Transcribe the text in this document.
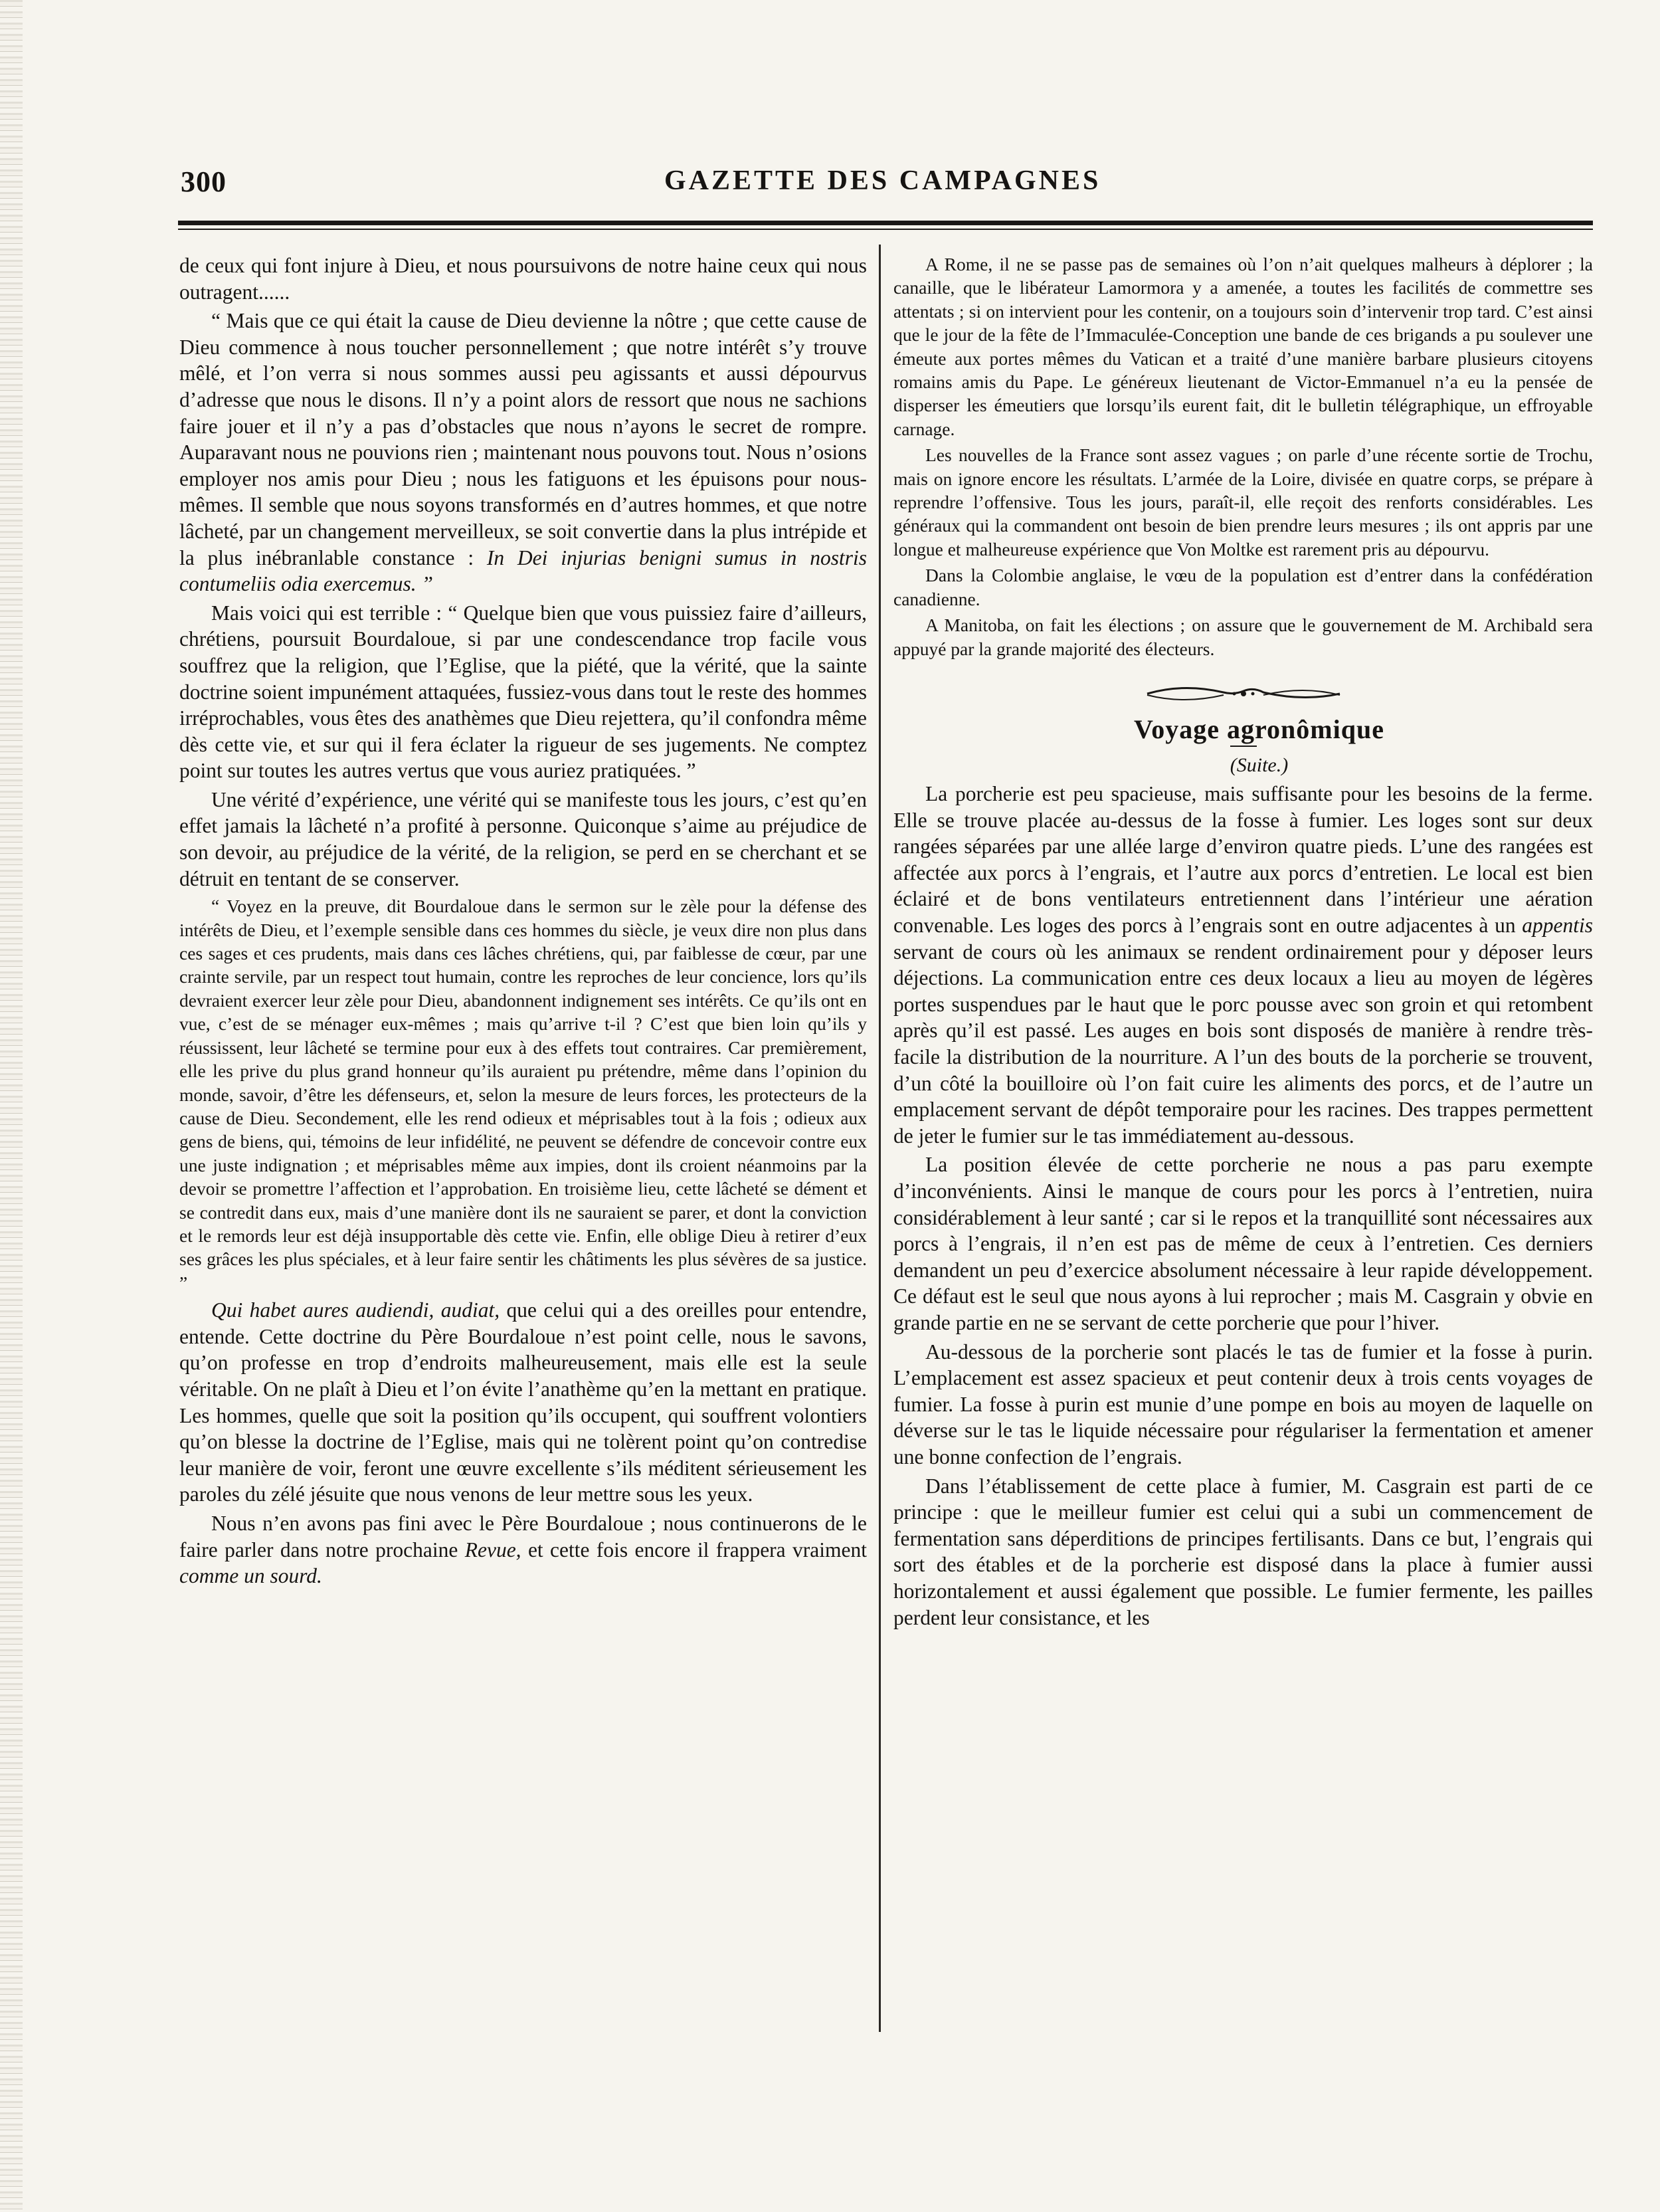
300	GAZETTE DES CAMPAGNES

de ceux qui font injure à Dieu, et nous poursuivons de notre haine ceux qui nous outragent......

“ Mais que ce qui était la cause de Dieu devienne la nôtre ; que cette cause de Dieu commence à nous toucher personnellement ; que notre intérêt s’y trouve mêlé, et l’on verra si nous sommes aussi peu agissants et aussi dépourvus d’adresse que nous le disons. Il n’y a point alors de ressort que nous ne sachions faire jouer et il n’y a pas d’obstacles que nous n’ayons le secret de rompre. Auparavant nous ne pouvions rien ; maintenant nous pouvons tout. Nous n’osions employer nos amis pour Dieu ; nous les fatiguons et les épuisons pour nous-mêmes. Il semble que nous soyons transformés en d’autres hommes, et que notre lâcheté, par un changement merveilleux, se soit convertie dans la plus intrépide et la plus inébranlable constance : In Dei injurias benigni sumus in nostris contumeliis odia exercemus. ”

Mais voici qui est terrible : “ Quelque bien que vous puissiez faire d’ailleurs, chrétiens, poursuit Bourdaloue, si par une condescendance trop facile vous souffrez que la religion, que l’Eglise, que la piété, que la vérité, que la sainte doctrine soient impunément attaquées, fussiez-vous dans tout le reste des hommes irréprochables, vous êtes des anathèmes que Dieu rejettera, qu’il confondra même dès cette vie, et sur qui il fera éclater la rigueur de ses jugements. Ne comptez point sur toutes les autres vertus que vous auriez pratiquées. ”

Une vérité d’expérience, une vérité qui se manifeste tous les jours, c’est qu’en effet jamais la lâcheté n’a profité à personne. Quiconque s’aime au préjudice de son devoir, au préjudice de la vérité, de la religion, se perd en se cherchant et se détruit en tentant de se conserver.

“ Voyez en la preuve, dit Bourdaloue dans le sermon sur le zèle pour la défense des intérêts de Dieu, et l’exemple sensible dans ces hommes du siècle, je veux dire non plus dans ces sages et ces prudents, mais dans ces lâches chrétiens, qui, par faiblesse de cœur, par une crainte servile, par un respect tout humain, contre les reproches de leur concience, lors qu’ils devraient exercer leur zèle pour Dieu, abandonnent indignement ses intérêts. Ce qu’ils ont en vue, c’est de se ménager eux-mêmes ; mais qu’arrive t-il ? C’est que bien loin qu’ils y réussissent, leur lâcheté se termine pour eux à des effets tout contraires. Car premièrement, elle les prive du plus grand honneur qu’ils auraient pu prétendre, même dans l’opinion du monde, savoir, d’être les défenseurs, et, selon la mesure de leurs forces, les protecteurs de la cause de Dieu. Secondement, elle les rend odieux et méprisables tout à la fois ; odieux aux gens de biens, qui, témoins de leur infidélité, ne peuvent se défendre de concevoir contre eux une juste indignation ; et méprisables même aux impies, dont ils croient néanmoins par la devoir se promettre l’affection et l’approbation. En troisième lieu, cette lâcheté se dément et se contredit dans eux, mais d’une manière dont ils ne sauraient se parer, et dont la conviction et le remords leur est déjà insupportable dès cette vie. Enfin, elle oblige Dieu à retirer d’eux ses grâces les plus spéciales, et à leur faire sentir les châtiments les plus sévères de sa justice. ”

Qui habet aures audiendi, audiat, que celui qui a des oreilles pour entendre, entende. Cette doctrine du Père Bourdaloue n’est point celle, nous le savons, qu’on professe en trop d’endroits malheureusement, mais elle est la seule véritable. On ne plaît à Dieu et l’on évite l’anathème qu’en la mettant en pratique. Les hommes, quelle que soit la position qu’ils occupent, qui souffrent volontiers qu’on blesse la doctrine de l’Eglise, mais qui ne tolèrent point qu’on contredise leur manière de voir, feront une œuvre excellente s’ils méditent sérieusement les paroles du zélé jésuite que nous venons de leur mettre sous les yeux.

Nous n’en avons pas fini avec le Père Bourdaloue ; nous continuerons de le faire parler dans notre prochaine Revue, et cette fois encore il frappera vraiment comme un sourd.

A Rome, il ne se passe pas de semaines où l’on n’ait quelques malheurs à déplorer ; la canaille, que le libérateur Lamormora y a amenée, a toutes les facilités de commettre ses attentats ; si on intervient pour les contenir, on a toujours soin d’intervenir trop tard. C’est ainsi que le jour de la fête de l’Immaculée-Conception une bande de ces brigands a pu soulever une émeute aux portes mêmes du Vatican et a traité d’une manière barbare plusieurs citoyens romains amis du Pape. Le généreux lieutenant de Victor-Emmanuel n’a eu la pensée de disperser les émeutiers que lorsqu’ils eurent fait, dit le bulletin télégraphique, un effroyable carnage.

Les nouvelles de la France sont assez vagues ; on parle d’une récente sortie de Trochu, mais on ignore encore les résultats. L’armée de la Loire, divisée en quatre corps, se prépare à reprendre l’offensive. Tous les jours, paraît-il, elle reçoit des renforts considérables. Les généraux qui la commandent ont besoin de bien prendre leurs mesures ; ils ont appris par une longue et malheureuse expérience que Von Moltke est rarement pris au dépourvu.

Dans la Colombie anglaise, le vœu de la population est d’entrer dans la confédération canadienne.

A Manitoba, on fait les élections ; on assure que le gouvernement de M. Archibald sera appuyé par la grande majorité des électeurs.

Voyage agronômique

(Suite.)

La porcherie est peu spacieuse, mais suffisante pour les besoins de la ferme. Elle se trouve placée au-dessus de la fosse à fumier. Les loges sont sur deux rangées séparées par une allée large d’environ quatre pieds. L’une des rangées est affectée aux porcs à l’engrais, et l’autre aux porcs d’entretien. Le local est bien éclairé et de bons ventilateurs entretiennent dans l’intérieur une aération convenable. Les loges des porcs à l’engrais sont en outre adjacentes à un appentis servant de cours où les animaux se rendent ordinairement pour y déposer leurs déjections. La communication entre ces deux locaux a lieu au moyen de légères portes suspendues par le haut que le porc pousse avec son groin et qui retombent après qu’il est passé. Les auges en bois sont disposés de manière à rendre très-facile la distribution de la nourriture. A l’un des bouts de la porcherie se trouvent, d’un côté la bouilloire où l’on fait cuire les aliments des porcs, et de l’autre un emplacement servant de dépôt temporaire pour les racines. Des trappes permettent de jeter le fumier sur le tas immédiatement au-dessous.

La position élevée de cette porcherie ne nous a pas paru exempte d’inconvénients. Ainsi le manque de cours pour les porcs à l’entretien, nuira considérablement à leur santé ; car si le repos et la tranquillité sont nécessaires aux porcs à l’engrais, il n’en est pas de même de ceux à l’entretien. Ces derniers demandent un peu d’exercice absolument nécessaire à leur rapide développement. Ce défaut est le seul que nous ayons à lui reprocher ; mais M. Casgrain y obvie en grande partie en ne se servant de cette porcherie que pour l’hiver.

Au-dessous de la porcherie sont placés le tas de fumier et la fosse à purin. L’emplacement est assez spacieux et peut contenir deux à trois cents voyages de fumier. La fosse à purin est munie d’une pompe en bois au moyen de laquelle on déverse sur le tas le liquide nécessaire pour régulariser la fermentation et amener une bonne confection de l’engrais.

Dans l’établissement de cette place à fumier, M. Casgrain est parti de ce principe : que le meilleur fumier est celui qui a subi un commencement de fermentation sans déperditions de principes fertilisants. Dans ce but, l’engrais qui sort des étables et de la porcherie est disposé dans la place à fumier aussi horizontalement et aussi également que possible. Le fumier fermente, les pailles perdent leur consistance, et les
